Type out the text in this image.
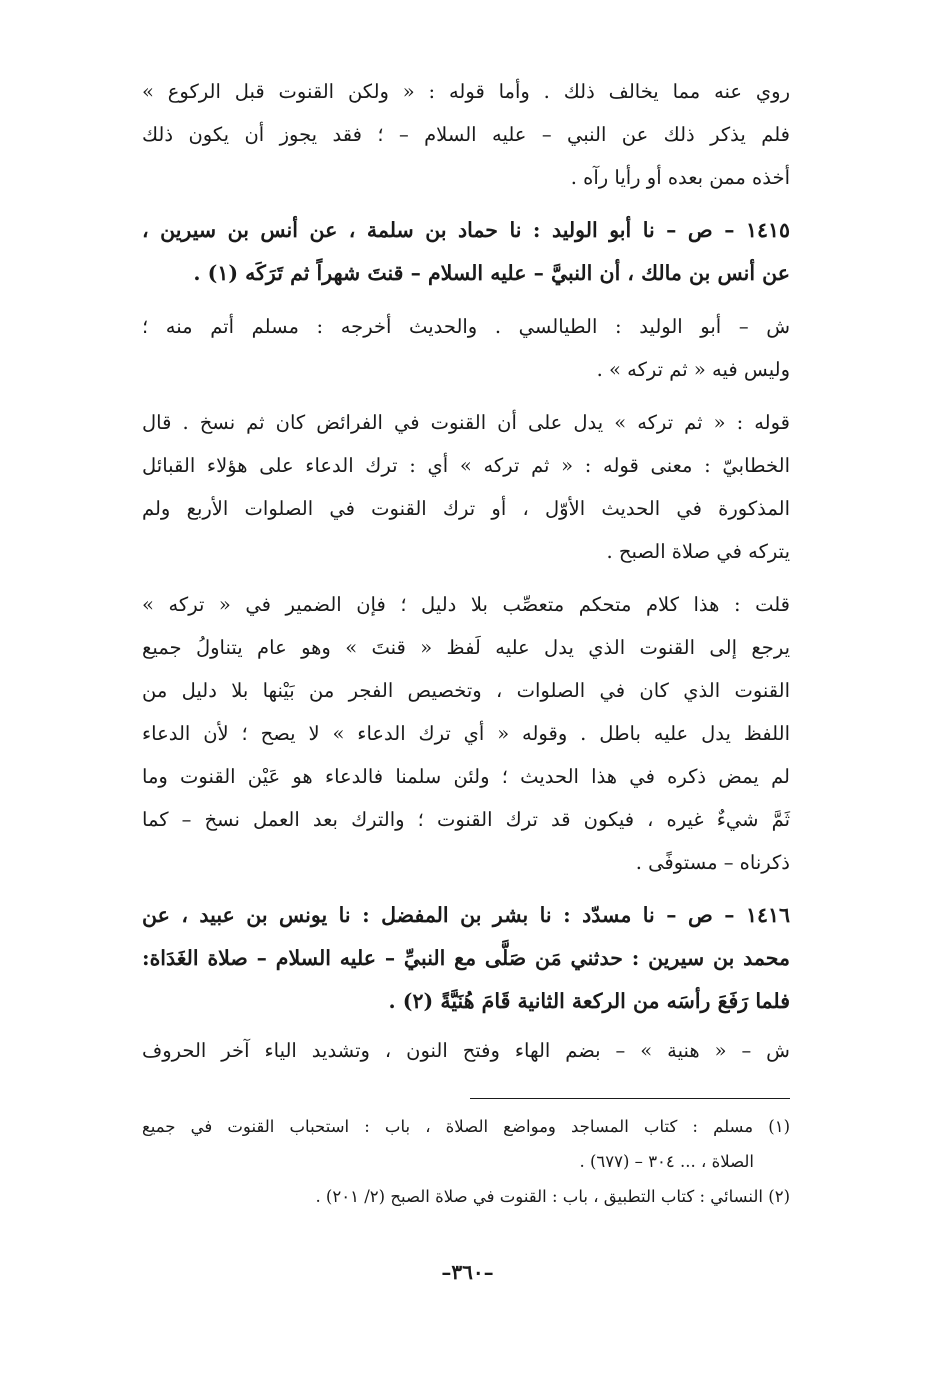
روي عنه مما يخالف ذلك . وأما قوله : « ولكن القنوت قبل الركوع »
فلم يذكر ذلك عن النبي – عليه السلام – ؛ فقد يجوز أن يكون ذلك
أخذه ممن بعده أو رأيا رآه .
١٤١٥ – ص – نا أبو الوليد : نا حماد بن سلمة ، عن أنس بن سيرين ،
عن أنس بن مالك ، أن النبيَّ – عليه السلام – قنتَ شهراً ثم تَرَكَه (١) .
ش – أبو الوليد : الطيالسي . والحديث أخرجه : مسلم أتم منه ؛
وليس فيه « ثم تركه » .
قوله : « ثم تركه » يدل على أن القنوت في الفرائض كان ثم نسخ . قال
الخطابيّ : معنى قوله : « ثم تركه » أي : ترك الدعاء على هؤلاء القبائل
المذكورة في الحديث الأوّل ، أو ترك القنوت في الصلوات الأربع ولم
يتركه في صلاة الصبح .
قلت : هذا كلام متحكم متعصِّب بلا دليل ؛ فإن الضمير في « تركه »
يرجع إلى القنوت الذي يدل عليه لَفظ « قنتَ » وهو عام يتناولُ جميع
القنوت الذي كان في الصلوات ، وتخصيص الفجر من بَيْنها بلا دليل من
اللفظ يدل عليه باطل . وقوله « أي ترك الدعاء » لا يصح ؛ لأن الدعاء
لم يمض ذكره في هذا الحديث ؛ ولئن سلمنا فالدعاء هو عَيْن القنوت وما
ثَمَّ شيءٌ غيره ، فيكون قد ترك القنوت ؛ والترك بعد العمل نسخ – كما
ذكرناه – مستوفًى .
١٤١٦ – ص – نا مسدّد : نا بشر بن المفضل : نا يونس بن عبيد ، عن
محمد بن سيرين : حدثني مَن صَلَّى مع النبيِّ – عليه السلام – صلاة الغَدَاة:
فلما رَفَعَ رأسَه من الركعة الثانية قَامَ هُنَيَّةً (٢) .
ش – « هنية » – بضم الهاء وفتح النون ، وتشديد الياء آخر الحروف
(١) مسلم : كتاب المساجد ومواضع الصلاة ، باب : استحباب القنوت في جميع
الصلاة ، ... ٣٠٤ – (٦٧٧) .
(٢) النسائي : كتاب التطبيق ، باب : القنوت في صلاة الصبح (٢/ ٢٠١) .
–٣٦٠–
